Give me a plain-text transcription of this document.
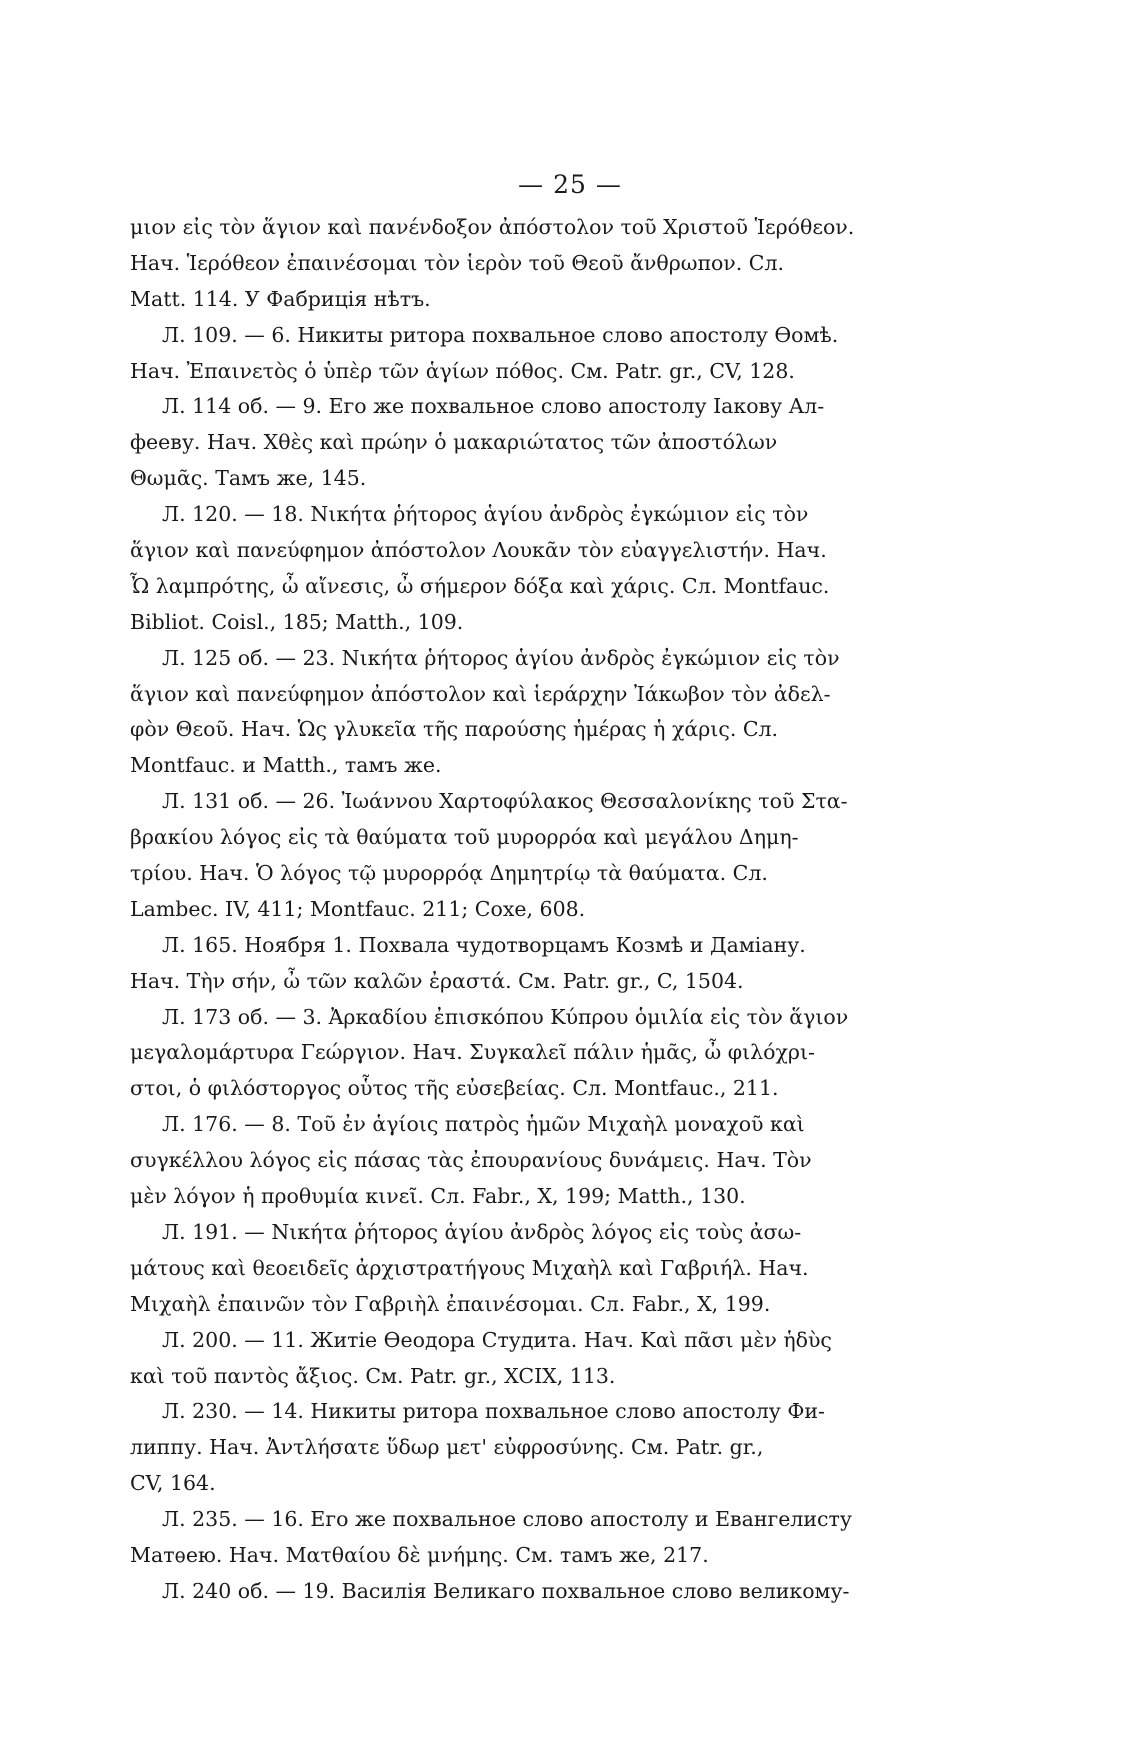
— 25 —
μιον εἰς τὸν ἅγιον καὶ πανένδοξον ἀπόστολον τοῦ Χριστοῦ Ἱερόθεον.
Нач. Ἱερόθεον ἐπαινέσομαι τὸν ἱερὸν τοῦ Θεοῦ ἄνθρωπον. Сл.
Matt. 114. У Фабриція нѣтъ.
Л. 109. — 6. Никиты ритора похвальное слово апостолу Ѳомѣ.
Нач. Ἐπαινετὸς ὁ ὑπὲρ τῶν ἁγίων πόθος. См. Patr. gr., CV, 128.
Л. 114 об. — 9. Его же похвальное слово апостолу Іакову Ал-
фееву. Нач. Χθὲς καὶ πρώην ὁ μακαριώτατος τῶν ἀποστόλων
Θωμᾶς. Тамъ же, 145.
Л. 120. — 18. Νικήτα ῥήτορος ἁγίου ἀνδρὸς ἐγκώμιον εἰς τὸν
ἅγιον καὶ πανεύφημον ἀπόστολον Λουκᾶν τὸν εὐαγγελιστήν. Нач.
Ὦ λαμπρότης, ὦ αἴνεσις, ὦ σήμερον δόξα καὶ χάρις. Сл. Montfauc.
Bibliot. Coisl., 185; Matth., 109.
Л. 125 об. — 23. Νικήτα ῥήτορος ἁγίου ἀνδρὸς ἐγκώμιον εἰς τὸν
ἅγιον καὶ πανεύφημον ἀπόστολον καὶ ἱεράρχην Ἰάκωβον τὸν ἀδελ-
φὸν Θεοῦ. Нач. Ὡς γλυκεῖα τῆς παρούσης ἡμέρας ἡ χάρις. Сл.
Montfauc. и Matth., тамъ же.
Л. 131 об. — 26. Ἰωάννου Χαρτοφύλακος Θεσσαλονίκης τοῦ Στα-
βρακίου λόγος εἰς τὰ θαύματα τοῦ μυρορρόα καὶ μεγάλου Δημη-
τρίου. Нач. Ὁ λόγος τῷ μυρορρόᾳ Δημητρίῳ τὰ θαύματα. Сл.
Lambec. IV, 411; Montfauc. 211; Coxe, 608.
Л. 165. Ноября 1. Похвала чудотворцамъ Козмѣ и Даміану.
Нач. Τὴν σήν, ὦ τῶν καλῶν ἐραστά. См. Patr. gr., C, 1504.
Л. 173 об. — 3. Ἀρκαδίου ἐπισκόπου Κύπρου ὁμιλία εἰς τὸν ἅγιον
μεγαλομάρτυρα Γεώργιον. Нач. Συγκαλεῖ πάλιν ἡμᾶς, ὦ φιλόχρι-
στοι, ὁ φιλόστοργος οὗτος τῆς εὐσεβείας. Сл. Montfauc., 211.
Л. 176. — 8. Τοῦ ἐν ἁγίοις πατρὸς ἡμῶν Μιχαὴλ μοναχοῦ καὶ
συγκέλλου λόγος εἰς πάσας τὰς ἐπουρανίους δυνάμεις. Нач. Τὸν
μὲν λόγον ἡ προθυμία κινεῖ. Сл. Fabr., X, 199; Matth., 130.
Л. 191. — Νικήτα ῥήτορος ἁγίου ἀνδρὸς λόγος εἰς τοὺς ἀσω-
μάτους καὶ θεοειδεῖς ἀρχιστρατήγους Μιχαὴλ καὶ Γαβριήλ. Нач.
Μιχαὴλ ἐπαινῶν τὸν Γαβριὴλ ἐπαινέσομαι. Сл. Fabr., X, 199.
Л. 200. — 11. Житіе Ѳеодора Студита. Нач. Καὶ πᾶσι μὲν ἡδὺς
καὶ τοῦ παντὸς ἄξιος. См. Patr. gr., XCIX, 113.
Л. 230. — 14. Никиты ритора похвальное слово апостолу Фи-
липпу. Нач. Ἀντλήσατε ὕδωρ μετ' εὐφροσύνης. См. Patr. gr.,
CV, 164.
Л. 235. — 16. Его же похвальное слово апостолу и Евангелисту
Матѳею. Нач. Ματθαίου δὲ μνήμης. См. тамъ же, 217.
Л. 240 об. — 19. Василія Великаго похвальное слово великому-
